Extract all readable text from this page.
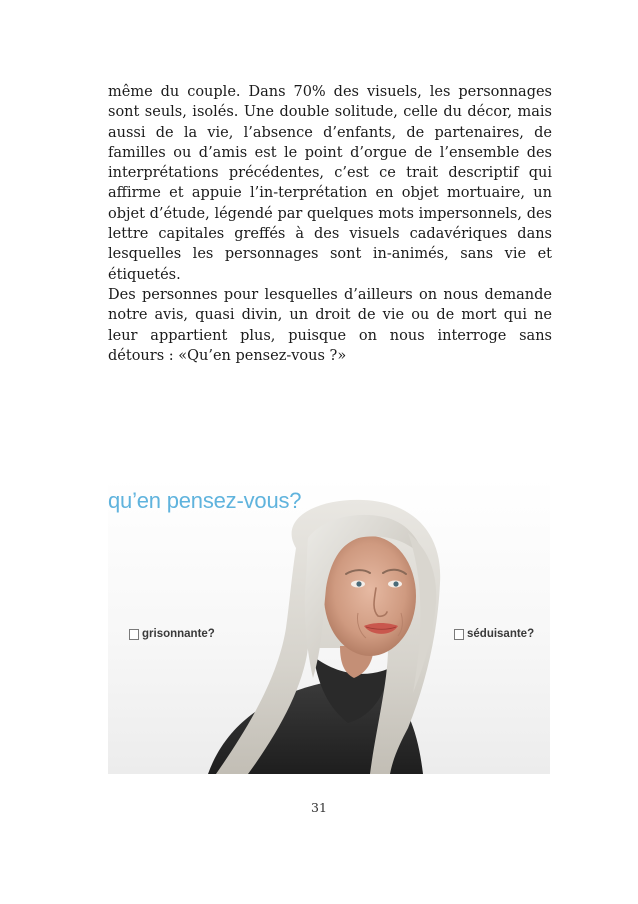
même du couple. Dans 70% des visuels, les personnages sont seuls, isolés. Une double solitude, celle du décor, mais aussi de la vie, l’absence d’enfants, de partenaires, de familles ou d’amis est le point d’orgue de l’ensemble des interprétations précédentes, c’est ce trait descriptif qui affirme et appuie l’in-terprétation en objet mortuaire, un objet d’étude, légendé par quelques mots impersonnels, des lettre capitales greffés à des visuels cadavériques dans lesquelles les personnages sont in-animés, sans vie et étiquetés.

Des personnes pour lesquelles d’ailleurs on nous demande notre avis, quasi divin, un droit de vie ou de mort qui ne leur appartient plus, puisque on nous interroge sans détours : «Qu’en pensez-vous ?»

qu’en pensez-vous?
grisonnante?	séduisante?
31
